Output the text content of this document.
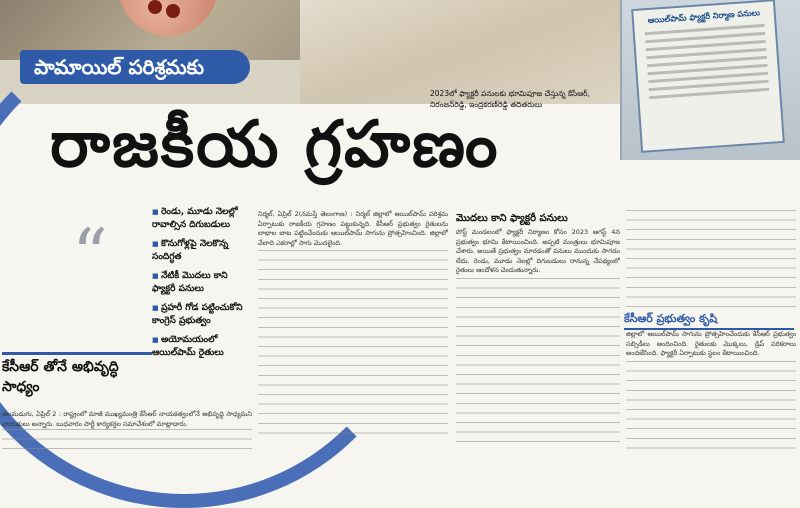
ఆయిల్‌పామ్ ఫ్యాక్టరీ నిర్మాణ పనులు
పామాయిల్ పరిశ్రమకు
2023లో ఫ్యాక్టరీ పనులకు భూమిపూజ చేస్తున్న కేసీఆర్, నిరంజన్‌రెడ్డి, ఇంద్రకరణ్‌రెడ్డి తదితరులు
రాజకీయ గ్రహణం
“
■ రెండు, మూడు నెలల్లో రావాల్సిన దిగుబడులు
■ కొనుగోళ్లపై నెలకొన్న సందిగ్ధత
■ నేటికీ మొదలు కాని ఫ్యాక్టరీ పనులు
■ ప్రహరీ గోడ పట్టించుకోని కాంగ్రెస్ ప్రభుత్వం
■ అయోమయంలో ఆయిల్‌పామ్ రైతులు
కేసీఆర్ తోనే అభివృద్ధి సాధ్యం
నిర్మల్, ఏప్రిల్ 2(నమస్తే తెలంగాణ) : నిర్మల్ జిల్లాలో ఆయిల్‌పామ్ పరిశ్రమ ఏర్పాటుకు రాజకీయ గ్రహణం పట్టుకున్నది. కేసీఆర్ ప్రభుత్వం రైతులను లాభాల బాట పట్టించేందుకు ఆయిల్‌పామ్ సాగును ప్రోత్సహించింది. జిల్లాలో వేలాది ఎకరాల్లో సాగు మొదలైంది.
తలమడుగు, ఏప్రిల్ 2 : రాష్ట్రంలో మాజీ ముఖ్యమంత్రి కేసీఆర్ నాయకత్వంలోనే అభివృద్ధి సాధ్యమని నాయకులు అన్నారు. బుధవారం పార్టీ కార్యకర్తల సమావేశంలో మాట్లాడారు.
మొదలు కాని ఫ్యాక్టరీ పనులు
పోస్ట్ మండలంలో ఫ్యాక్టరీ నిర్మాణం కోసం 2023 ఆగస్ట్ 4న ప్రభుత్వం భూమి కేటాయించింది. అప్పటి మంత్రులు భూమిపూజ చేశారు. అయితే ప్రభుత్వం మారడంతో పనులు ముందుకు సాగడం లేదు. రెండు, మూడు నెలల్లో దిగుబడులు రానున్న నేపథ్యంలో రైతులు ఆందోళన చెందుతున్నారు.
కేసీఆర్ ప్రభుత్వం కృషి
జిల్లాలో ఆయిల్‌పామ్ సాగును ప్రోత్సహించేందుకు కేసీఆర్ ప్రభుత్వం సబ్సిడీలు అందించింది. రైతులకు మొక్కలు, డ్రిప్ పరికరాలు అందజేసింది. ఫ్యాక్టరీ ఏర్పాటుకు స్థలం కేటాయించింది.
